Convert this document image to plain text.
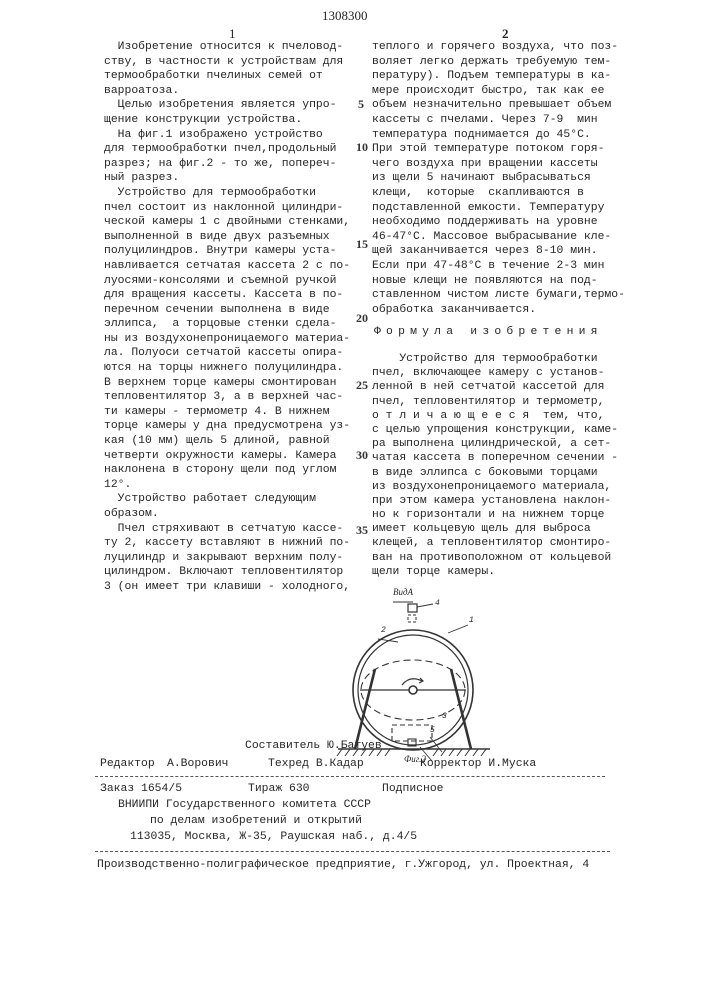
1
1308300
2
Изобретение относится к пчеловод-
ству, в частности к устройствам для
термообработки пчелиных семей от
варроатоза.
Целью изобретения является упро-
щение конструкции устройства.
На фиг.1 изображено устройство
для термообработки пчел,продольный
разрез; на фиг.2 - то же, попереч-
ный разрез.
Устройство для термообработки
пчел состоит из наклонной цилиндри-
ческой камеры 1 с двойными стенками,
выполненной в виде двух разъемных
полуцилиндров. Внутри камеры уста-
навливается сетчатая кассета 2 с по-
луосями-консолями и съемной ручкой
для вращения кассеты. Кассета в по-
перечном сечении выполнена в виде
эллипса,  а торцовые стенки сдела-
ны из воздухонепроницаемого материа-
ла. Полуоси сетчатой кассеты опира-
ются на торцы нижнего полуцилиндра.
В верхнем торце камеры смонтирован
тепловентилятор 3, а в верхней час-
ти камеры - термометр 4. В нижнем
торце камеры у дна предусмотрена уз-
кая (10 мм) щель 5 длиной, равной
четверти окружности камеры. Камера
наклонена в сторону щели под углом
12°.
Устройство работает следующим
образом.
Пчел стряхивают в сетчатую кассе-
ту 2, кассету вставляют в нижний по-
луцилиндр и закрывают верхним полу-
цилиндром. Включают тепловентилятор
3 (он имеет три клавиши - холодного,
теплого и горячего воздуха, что поз-
воляет легко держать требуемую тем-
пературу). Подъем температуры в ка-
мере происходит быстро, так как ее
объем незначительно превышает объем
кассеты с пчелами. Через 7-9  мин
температура поднимается до 45°С.
При этой температуре потоком горя-
чего воздуха при вращении кассеты
из щели 5 начинают выбрасываться
клещи,  которые  скапливаются в
подставленной емкости. Температуру
необходимо поддерживать на уровне
46-47°С. Массовое выбрасывание кле-
щей заканчивается через 8-10 мин.
Если при 47-48°С в течение 2-3 мин
новые клещи не появляются на под-
ставленном чистом листе бумаги,термо-
обработка заканчивается.
Формула изобретения
Устройство для термообработки
пчел, включающее камеру с установ-
ленной в ней сетчатой кассетой для
пчел, тепловентилятор и термометр,
о т л и ч а ю щ е е с я  тем, что,
с целью упрощения конструкции, каме-
ра выполнена цилиндрической, а сет-
чатая кассета в поперечном сечении -
в виде эллипса с боковыми торцами
из воздухонепроницаемого материала,
при этом камера установлена наклон-
но к горизонтали и на нижнем торце
имеет кольцевую щель для выброса
клещей, а тепловентилятор смонтиро-
ван на противоположном от кольцевой
щели торце камеры.
5
10
15
20
25
30
35
ВидА
4
1
2
3
5
Фиг.2
Составитель Ю.Батуев
Редактор А.Ворович	Техред В.Кадар	Корректор И.Муска
Заказ 1654/5	Тираж 630	Подписное
ВНИИПИ Государственного комитета СССР
по делам изобретений и открытий
113035, Москва, Ж-35, Раушская наб., д.4/5
Производственно-полиграфическое предприятие, г.Ужгород, ул. Проектная, 4
